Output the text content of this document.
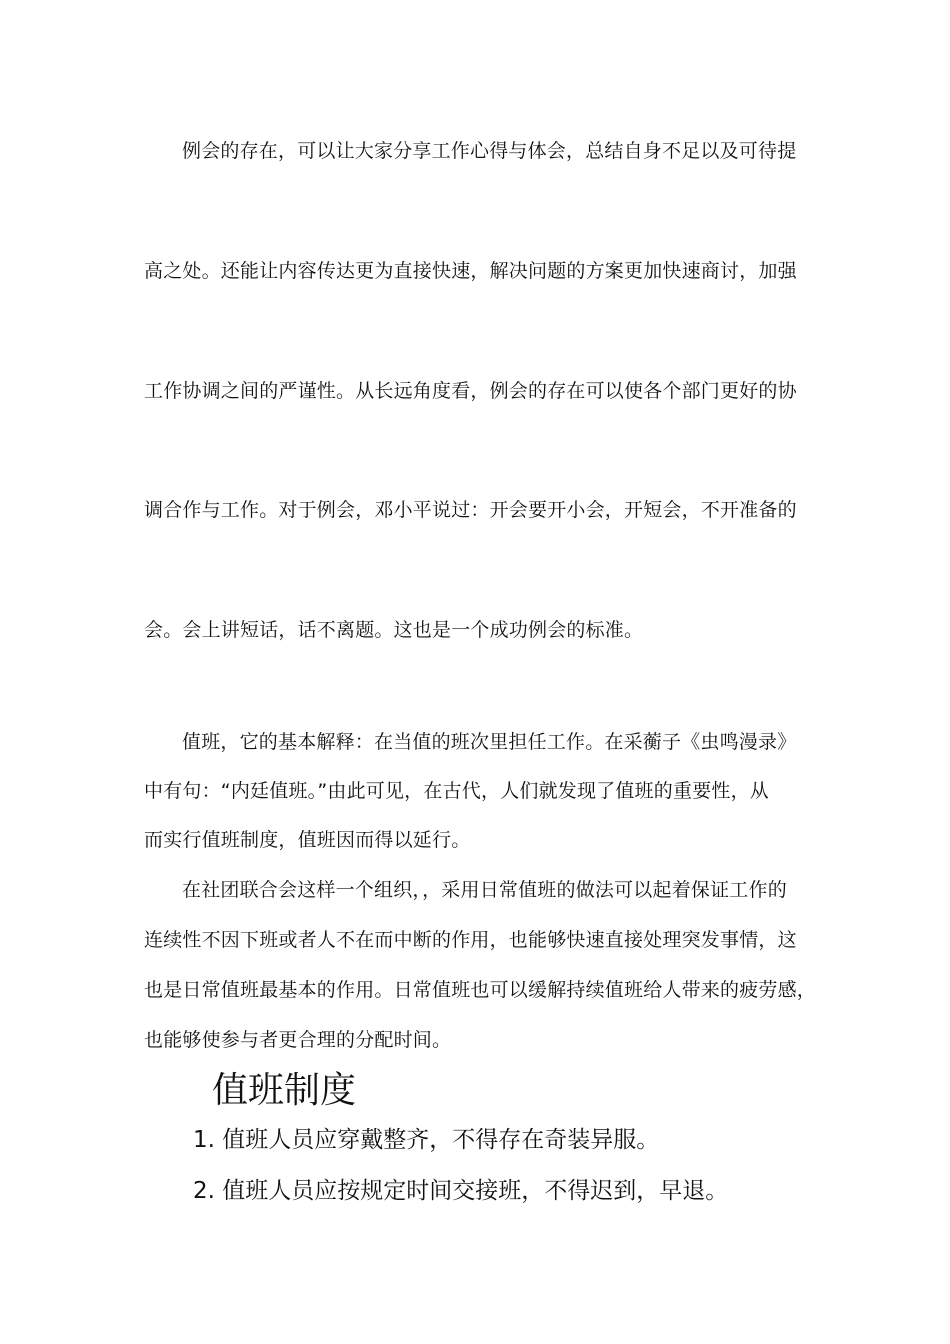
例会的存在，可以让大家分享工作心得与体会，总结自身不足以及可待提
高之处。还能让内容传达更为直接快速，解决问题的方案更加快速商讨，加强
工作协调之间的严谨性。从长远角度看，例会的存在可以使各个部门更好的协
调合作与工作。对于例会，邓小平说过：开会要开小会，开短会，不开准备的
会。会上讲短话，话不离题。这也是一个成功例会的标准。
值班，它的基本解释：在当值的班次里担任工作。在采蘅子《虫鸣漫录》
中有句：“内廷值班。”由此可见，在古代，人们就发现了值班的重要性，从
而实行值班制度，值班因而得以延行。
在社团联合会这样一个组织，，采用日常值班的做法可以起着保证工作的
连续性不因下班或者人不在而中断的作用，也能够快速直接处理突发事情，这
也是日常值班最基本的作用。日常值班也可以缓解持续值班给人带来的疲劳感，
也能够使参与者更合理的分配时间。
值班制度
1. 值班人员应穿戴整齐，不得存在奇装异服。
2. 值班人员应按规定时间交接班，不得迟到，早退。
